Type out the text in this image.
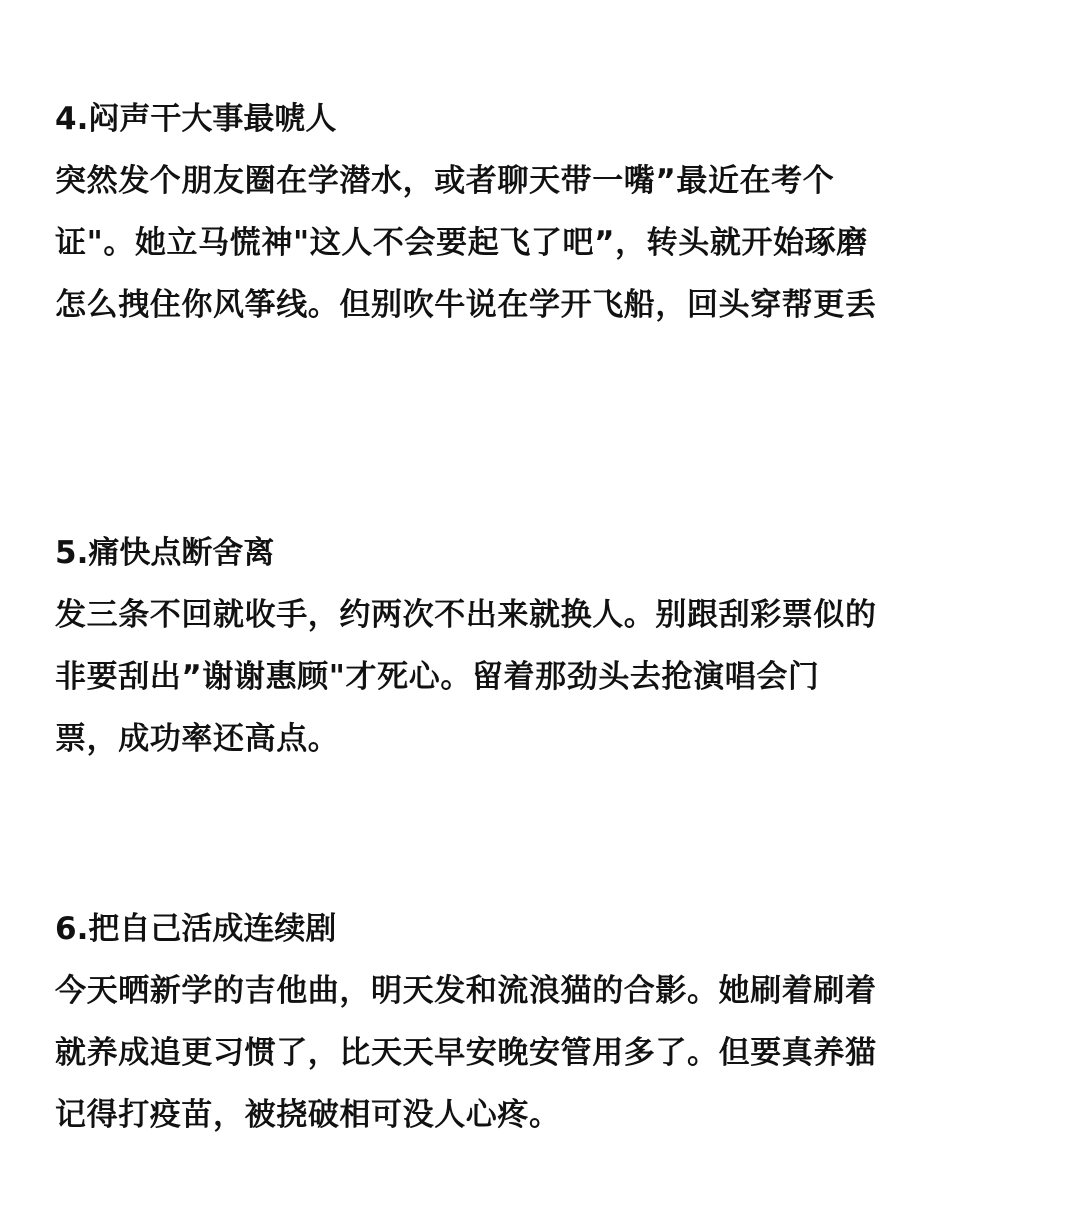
4.闷声干大事最唬人

突然发个朋友圈在学潜水，或者聊天带一嘴”最近在考个

证"。她立马慌神"这人不会要起飞了吧”，转头就开始琢磨

怎么拽住你风筝线。但别吹牛说在学开飞船，回头穿帮更丢

5.痛快点断舍离

发三条不回就收手，约两次不出来就换人。别跟刮彩票似的

非要刮出”谢谢惠顾"才死心。留着那劲头去抢演唱会门

票，成功率还高点。

6.把自己活成连续剧

今天晒新学的吉他曲，明天发和流浪猫的合影。她刷着刷着

就养成追更习惯了，比天天早安晚安管用多了。但要真养猫

记得打疫苗，被挠破相可没人心疼。
